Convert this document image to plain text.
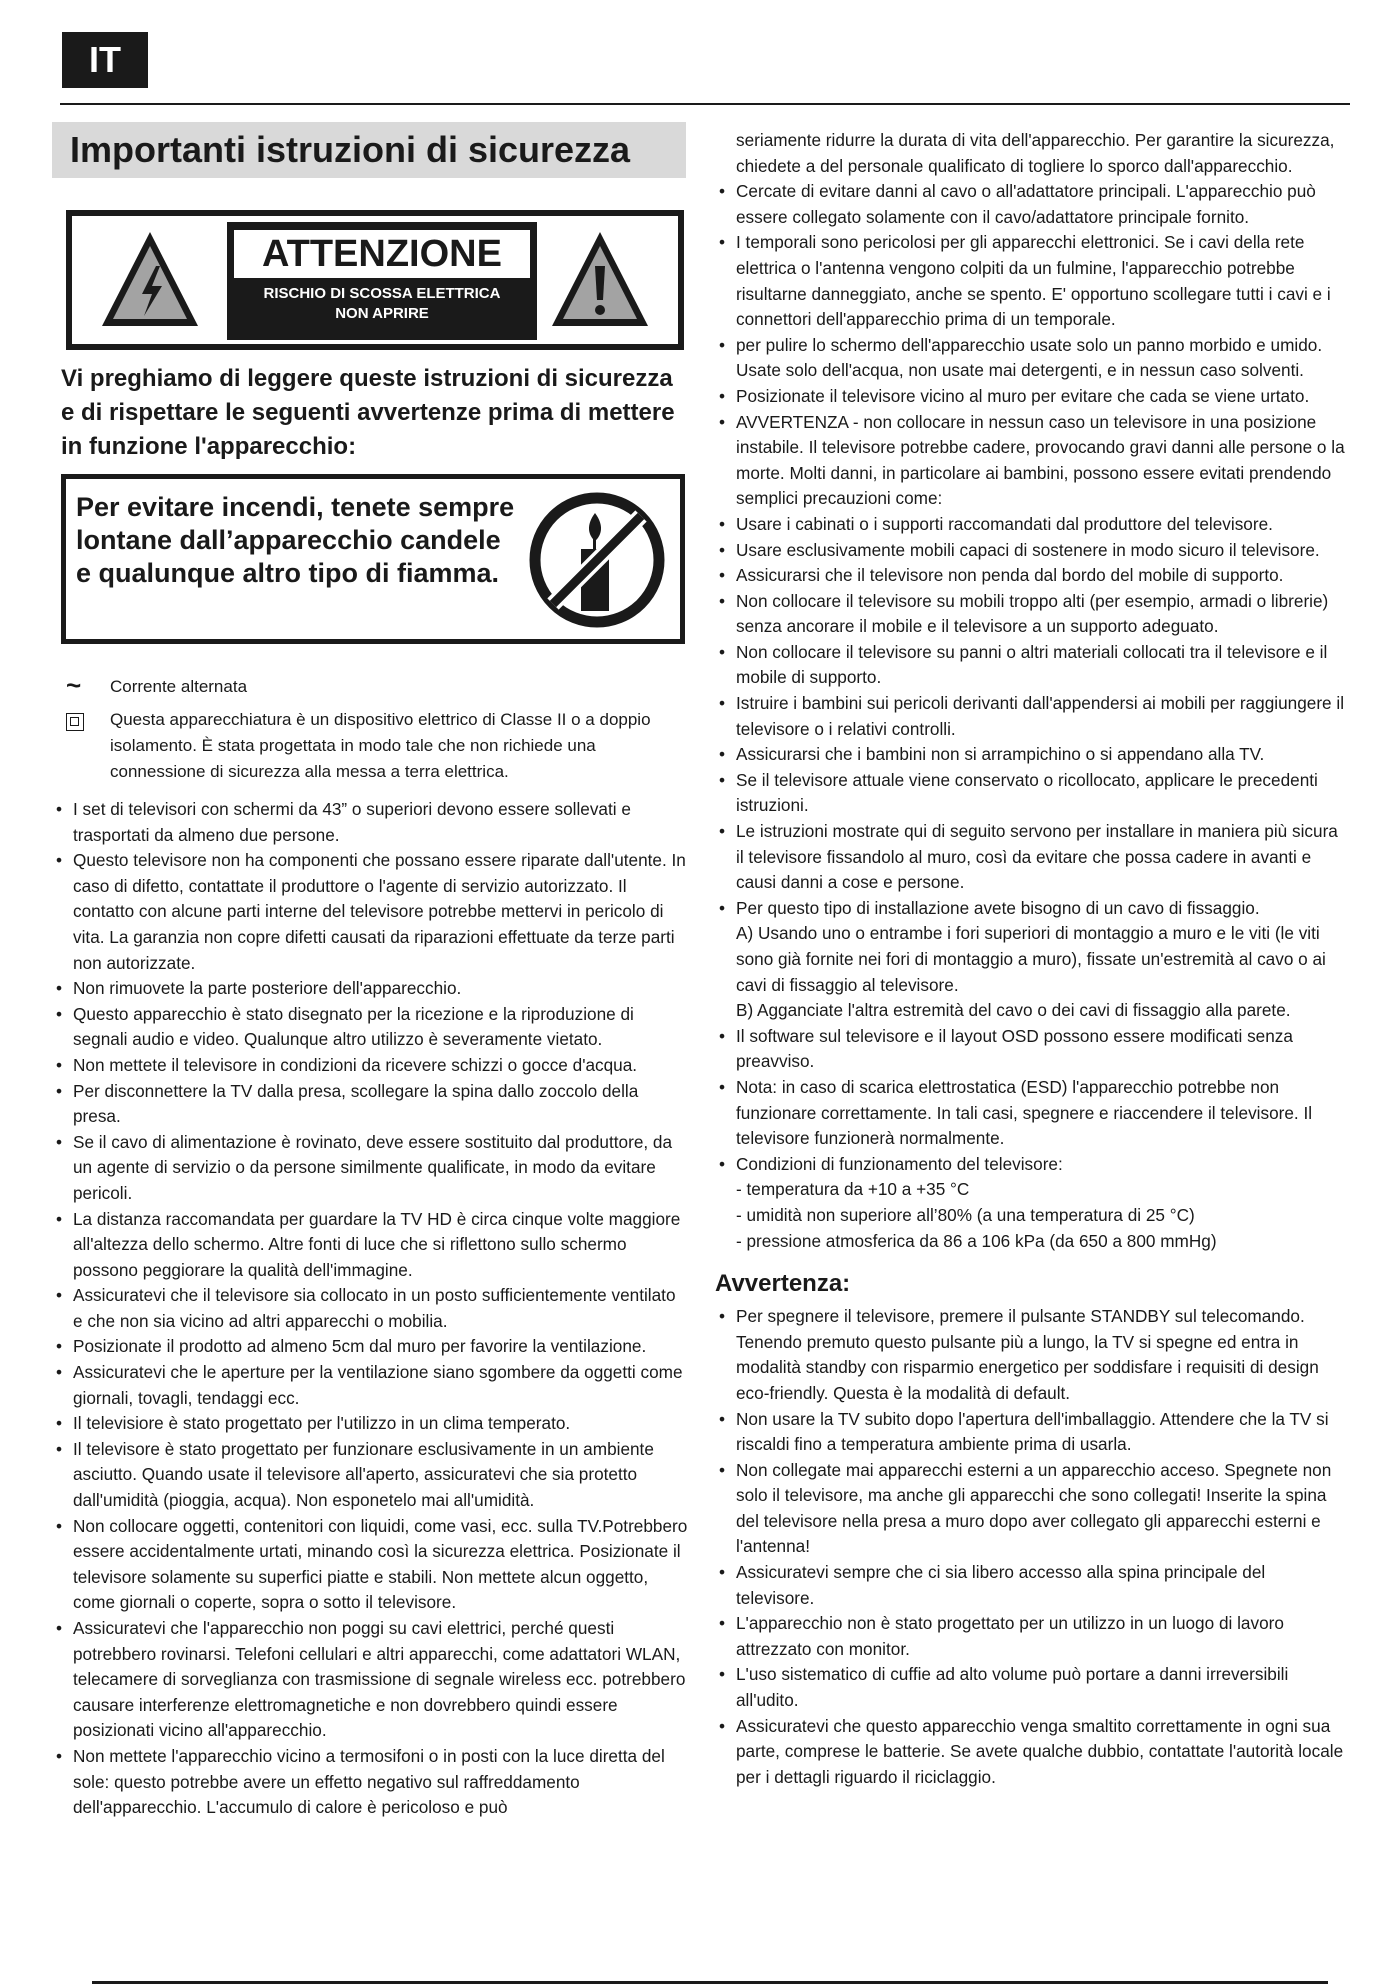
IT
Importanti istruzioni di sicurezza
ATTENZIONE
RISCHIO DI SCOSSA ELETTRICA
NON APRIRE
Vi preghiamo di leggere queste istruzioni di sicurezza e di rispettare le seguenti avvertenze prima di mettere in funzione l'apparecchio:
Per evitare incendi, tenete sempre lontane dall’apparecchio candele e qualunque altro tipo di fiamma.
~	Corrente alternata
Questa apparecchiatura è un dispositivo elettrico di Classe II o a doppio isolamento. È stata progettata in modo tale che non richiede una connessione di sicurezza alla messa a terra elettrica.
• I set di televisori con schermi da 43” o superiori devono essere sollevati e trasportati da almeno due persone.
• Questo televisore non ha componenti che possano essere riparate dall'utente. In caso di difetto, contattate il produttore o l'agente di servizio autorizzato. Il contatto con alcune parti interne del televisore potrebbe mettervi in pericolo di vita. La garanzia non copre difetti causati da riparazioni effettuate da terze parti non autorizzate.
• Non rimuovete la parte posteriore dell'apparecchio.
• Questo apparecchio è stato disegnato per la ricezione e la riproduzione di segnali audio e video. Qualunque altro utilizzo è severamente vietato.
• Non mettete il televisore in condizioni da ricevere schizzi o gocce d'acqua.
• Per disconnettere la TV dalla presa, scollegare la spina dallo zoccolo della presa.
• Se il cavo di alimentazione è rovinato, deve essere sostituito dal produttore, da un agente di servizio o da persone similmente qualificate, in modo da evitare pericoli.
• La distanza raccomandata per guardare la TV HD è circa cinque volte maggiore all'altezza dello schermo. Altre fonti di luce che si riflettono sullo schermo possono peggiorare la qualità dell'immagine.
• Assicuratevi che il televisore sia collocato in un posto sufficientemente ventilato e che non sia vicino ad altri apparecchi o mobilia.
• Posizionate il prodotto ad almeno 5cm dal muro per favorire la ventilazione.
• Assicuratevi che le aperture per la ventilazione siano sgombere da oggetti come giornali, tovagli, tendaggi ecc.
• Il televisiore è stato progettato per l'utilizzo in un clima temperato.
• Il televisore è stato progettato per funzionare esclusivamente in un ambiente asciutto. Quando usate il televisore all'aperto, assicuratevi che sia protetto dall'umidità (pioggia, acqua). Non esponetelo mai all'umidità.
• Non collocare oggetti, contenitori con liquidi, come vasi, ecc. sulla TV.Potrebbero essere accidentalmente urtati, minando così la sicurezza elettrica. Posizionate il televisore solamente su superfici piatte e stabili. Non mettete alcun oggetto, come giornali o coperte, sopra o sotto il televisore.
• Assicuratevi che l'apparecchio non poggi su cavi elettrici, perché questi potrebbero rovinarsi. Telefoni cellulari e altri apparecchi, come adattatori WLAN, telecamere di sorveglianza con trasmissione di segnale wireless ecc. potrebbero causare interferenze elettromagnetiche e non dovrebbero quindi essere posizionati vicino all'apparecchio.
• Non mettete l'apparecchio vicino a termosifoni o in posti con la luce diretta del sole: questo potrebbe avere un effetto negativo sul raffreddamento dell'apparecchio. L'accumulo di calore è pericoloso e può
seriamente ridurre la durata di vita dell'apparecchio. Per garantire la sicurezza, chiedete a del personale qualificato di togliere lo sporco dall'apparecchio.
• Cercate di evitare danni al cavo o all'adattatore principali. L'apparecchio può essere collegato solamente con il cavo/adattatore principale fornito.
• I temporali sono pericolosi per gli apparecchi elettronici. Se i cavi della rete elettrica o l'antenna vengono colpiti da un fulmine, l'apparecchio potrebbe risultarne danneggiato, anche se spento. E' opportuno scollegare tutti i cavi e i connettori dell'apparecchio prima di un temporale.
• per pulire lo schermo dell'apparecchio usate solo un panno morbido e umido. Usate solo dell'acqua, non usate mai detergenti, e in nessun caso solventi.
• Posizionate il televisore vicino al muro per evitare che cada se viene urtato.
• AVVERTENZA - non collocare in nessun caso un televisore in una posizione instabile. Il televisore potrebbe cadere, provocando gravi danni alle persone o la morte. Molti danni, in particolare ai bambini, possono essere evitati prendendo semplici precauzioni come:
• Usare i cabinati o i supporti raccomandati dal produttore del televisore.
• Usare esclusivamente mobili capaci di sostenere in modo sicuro il televisore.
• Assicurarsi che il televisore non penda dal bordo del mobile di supporto.
• Non collocare il televisore su mobili troppo alti (per esempio, armadi o librerie) senza ancorare il mobile e il televisore a un supporto adeguato.
• Non collocare il televisore su panni o altri materiali collocati tra il televisore e il mobile di supporto.
• Istruire i bambini sui pericoli derivanti dall'appendersi ai mobili per raggiungere il televisore o i relativi controlli.
• Assicurarsi che i bambini non si arrampichino o si appendano alla TV.
• Se il televisore attuale viene conservato o ricollocato, applicare le precedenti istruzioni.
• Le istruzioni mostrate qui di seguito servono per installare in maniera più sicura il televisore fissandolo al muro, così da evitare che possa cadere in avanti e causi danni a cose e persone.
• Per questo tipo di installazione avete bisogno di un cavo di fissaggio.
A) Usando uno o entrambe i fori superiori di montaggio a muro e le viti (le viti sono già fornite nei fori di montaggio a muro), fissate un'estremità al cavo o ai cavi di fissaggio al televisore.
B) Agganciate l'altra estremità del cavo o dei cavi di fissaggio alla parete.
• Il software sul televisore e il layout OSD possono essere modificati senza preavviso.
• Nota: in caso di scarica elettrostatica (ESD) l'apparecchio potrebbe non funzionare correttamente. In tali casi, spegnere e riaccendere il televisore. Il televisore funzionerà normalmente.
• Condizioni di funzionamento del televisore:
- temperatura da +10 a +35 °C
- umidità non superiore all’80% (a una temperatura di 25 °C)
- pressione atmosferica da 86 a 106 kPa (da 650 a 800 mmHg)
Avvertenza:
• Per spegnere il televisore, premere il pulsante STANDBY sul telecomando. Tenendo premuto questo pulsante più a lungo, la TV si spegne ed entra in modalità standby con risparmio energetico per soddisfare i requisiti di design eco-friendly. Questa è la modalità di default.
• Non usare la TV subito dopo l'apertura dell'imballaggio. Attendere che la TV si riscaldi fino a temperatura ambiente prima di usarla.
• Non collegate mai apparecchi esterni a un apparecchio acceso. Spegnete non solo il televisore, ma anche gli apparecchi che sono collegati! Inserite la spina del televisore nella presa a muro dopo aver collegato gli apparecchi esterni e l'antenna!
• Assicuratevi sempre che ci sia libero accesso alla spina principale del televisore.
• L'apparecchio non è stato progettato per un utilizzo in un luogo di lavoro attrezzato con monitor.
• L'uso sistematico di cuffie ad alto volume può portare a danni irreversibili all'udito.
• Assicuratevi che questo apparecchio venga smaltito correttamente in ogni sua parte, comprese le batterie. Se avete qualche dubbio, contattate l'autorità locale per i dettagli riguardo il riciclaggio.
